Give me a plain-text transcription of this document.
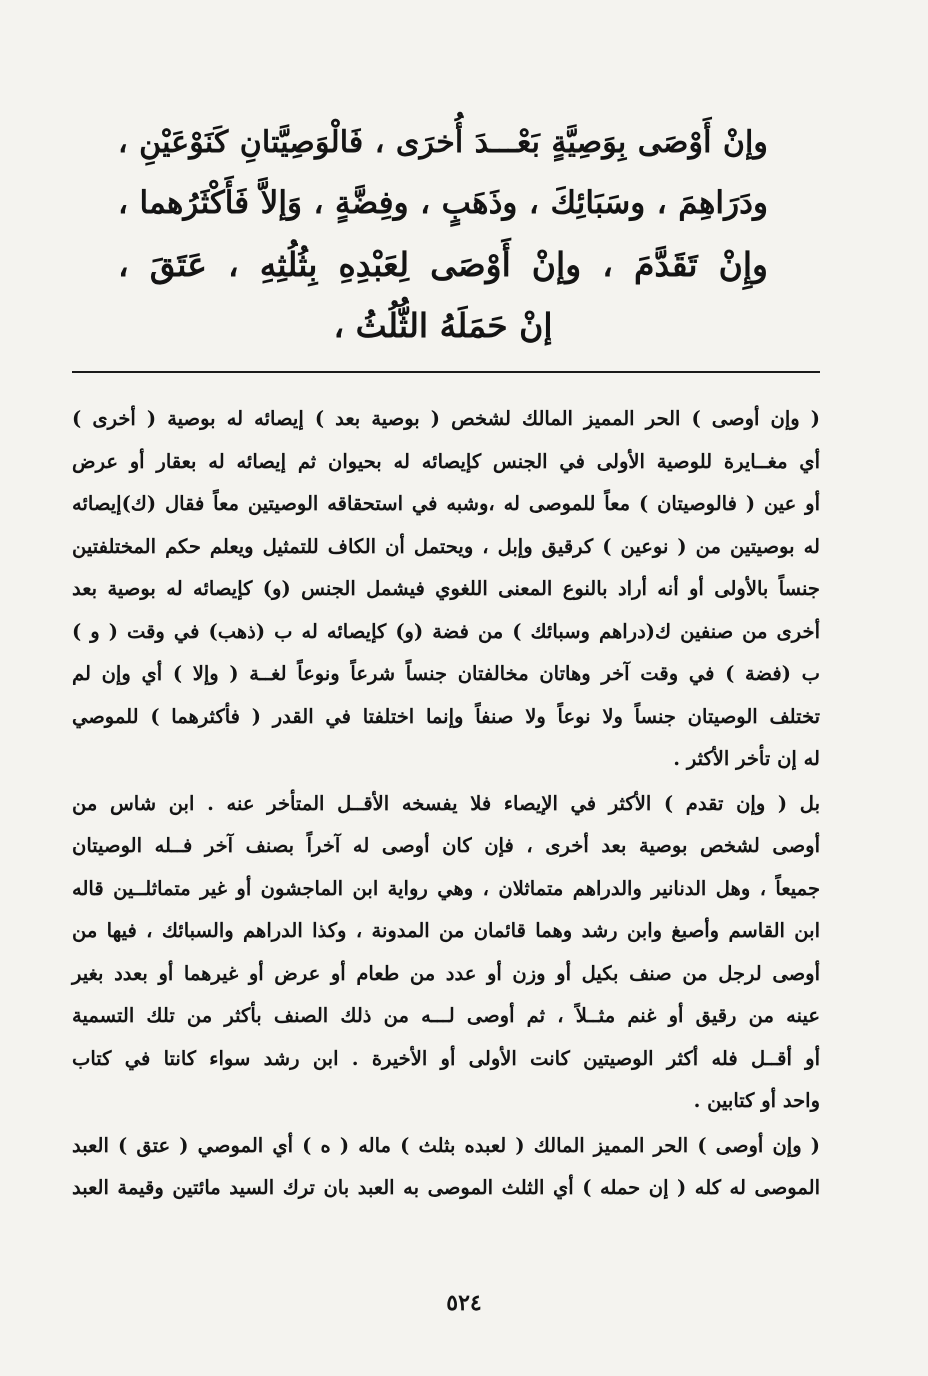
وإنْ أَوْصَى بِوَصِيَّةٍ بَعْـــدَ أُخرَى ، فَالْوَصِيَّتانِ كَنَوْعَيْنِ ،
ودَرَاهِمَ ، وسَبَائِكَ ، وذَهَبٍ ، وفِضَّةٍ ، وَإلاَّ فَأَكْثَرُهما ،
وإِنْ تَقَدَّمَ ، وإنْ أَوْصَى لِعَبْدِهِ بِثُلُثِهِ ، عَتَقَ ،
إنْ حَمَلَهُ الثُّلُثُ ،
( وإن أوصى ) الحر المميز المالك لشخص ( بوصية بعد ) إيصائه له بوصية ( أخرى )
أي مغــايرة للوصية الأولى في الجنس كإيصائه له بحيوان ثم إيصائه له بعقار أو عرض
أو عين ( فالوصيتان ) معاً للموصى له ،وشبه في استحقاقه الوصيتين معاً فقال (ك)إيصائه
له بوصيتين من ( نوعين ) كرقيق وإبل ، ويحتمل أن الكاف للتمثيل ويعلم حكم المختلفتين
جنساً بالأولى أو أنه أراد بالنوع المعنى اللغوي فيشمل الجنس (و) كإيصائه له بوصية بعد
أخرى من صنفين ك(دراهم وسبائك ) من فضة (و) كإيصائه له ب (ذهب) في وقت ( و )
ب (فضة ) في وقت آخر وهاتان مخالفتان جنساً شرعاً ونوعاً لغــة ( وإلا ) أي وإن لم
تختلف الوصيتان جنساً ولا نوعاً ولا صنفاً وإنما اختلفتا في القدر ( فأكثرهما ) للموصي
له إن تأخر الأكثر .
بل ( وإن تقدم ) الأكثر في الإيصاء فلا يفسخه الأقــل المتأخر عنه . ابن شاس من
أوصى لشخص بوصية بعد أخرى ، فإن كان أوصى له آخراً بصنف آخر فــله الوصيتان
جميعاً ، وهل الدنانير والدراهم متماثلان ، وهي رواية ابن الماجشون أو غير متماثلــين قاله
ابن القاسم وأصبغ وابن رشد وهما قائمان من المدونة ، وكذا الدراهم والسبائك ، فيها من
أوصى لرجل من صنف بكيل أو وزن أو عدد من طعام أو عرض أو غيرهما أو بعدد بغير
عينه من رقيق أو غنم مثــلاً ، ثم أوصى لـــه من ذلك الصنف بأكثر من تلك التسمية
أو أقــل فله أكثر الوصيتين كانت الأولى أو الأخيرة . ابن رشد سواء كانتا في كتاب
واحد أو كتابين .
( وإن أوصى ) الحر المميز المالك ( لعبده بثلث ) ماله ( ه ) أي الموصي ( عتق ) العبد
الموصى له كله ( إن حمله ) أي الثلث الموصى به العبد بان ترك السيد مائتين وقيمة العبد
٥٢٤
